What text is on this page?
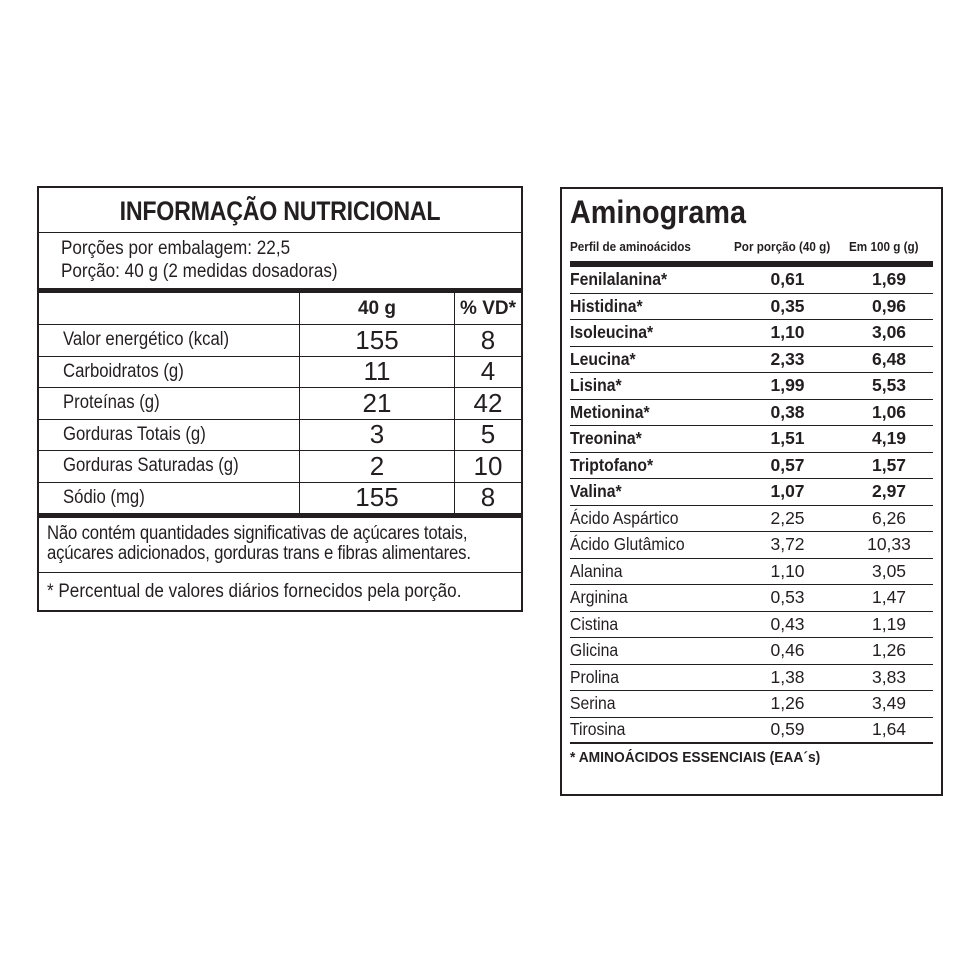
INFORMAÇÃO NUTRICIONAL
Porções por embalagem: 22,5
Porção: 40 g (2 medidas dosadoras)
40 g	% VD*
Valor energético (kcal)	155	8
Carboidratos (g)	11	4
Proteínas (g)	21	42
Gorduras Totais (g)	3	5
Gorduras Saturadas (g)	2	10
Sódio (mg)	155	8
Não contém quantidades significativas de açúcares totais,
açúcares adicionados, gorduras trans e fibras alimentares.
* Percentual de valores diários fornecidos pela porção.
Aminograma
Perfil de aminoácidos	Por porção (40 g)	Em 100 g (g)
Fenilalanina*	0,61	1,69
Histidina*	0,35	0,96
Isoleucina*	1,10	3,06
Leucina*	2,33	6,48
Lisina*	1,99	5,53
Metionina*	0,38	1,06
Treonina*	1,51	4,19
Triptofano*	0,57	1,57
Valina*	1,07	2,97
Ácido Aspártico	2,25	6,26
Ácido Glutâmico	3,72	10,33
Alanina	1,10	3,05
Arginina	0,53	1,47
Cistina	0,43	1,19
Glicina	0,46	1,26
Prolina	1,38	3,83
Serina	1,26	3,49
Tirosina	0,59	1,64
* AMINOÁCIDOS ESSENCIAIS (EAA´s)
